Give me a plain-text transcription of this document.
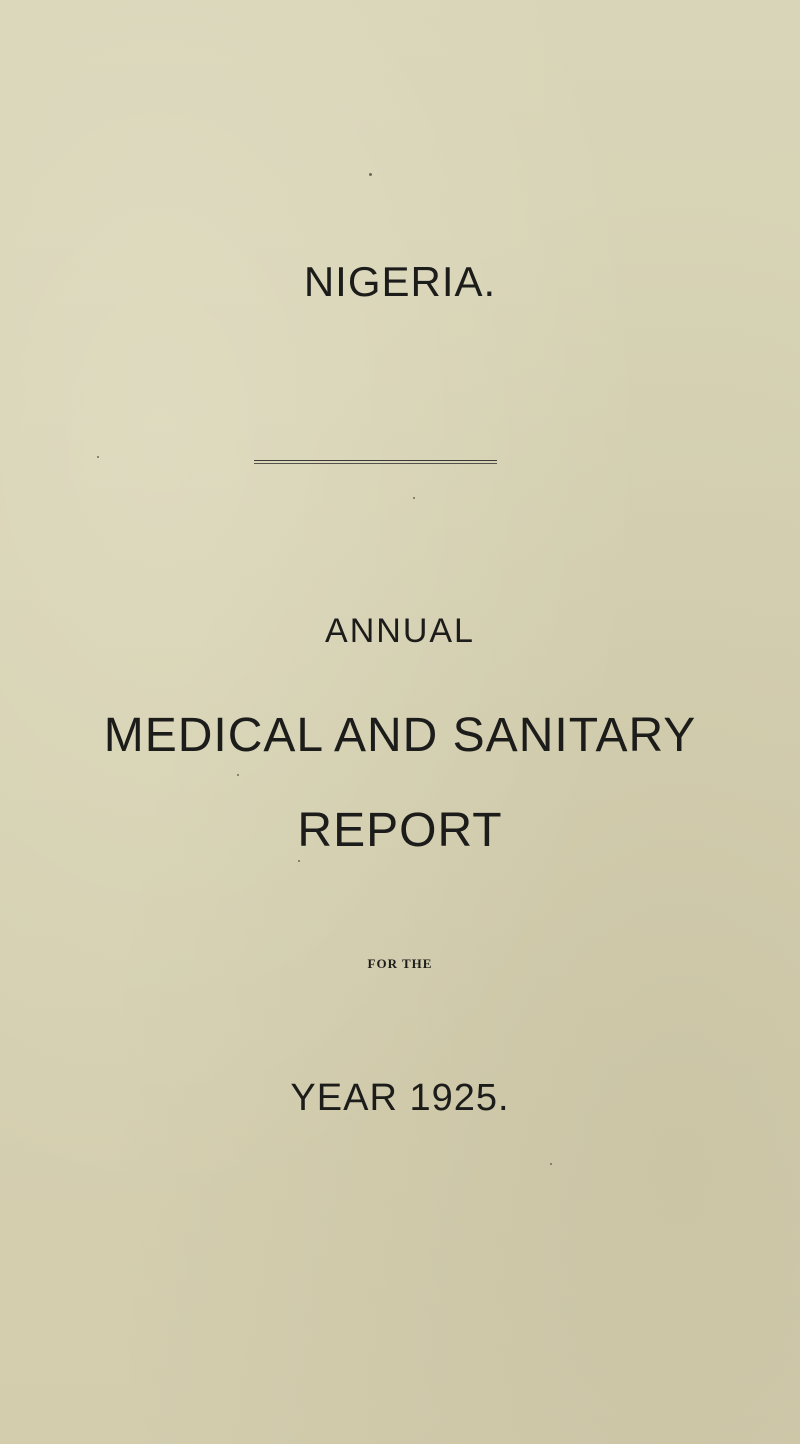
NIGERIA.

ANNUAL

MEDICAL AND SANITARY
REPORT

FOR THE

YEAR 1925.
